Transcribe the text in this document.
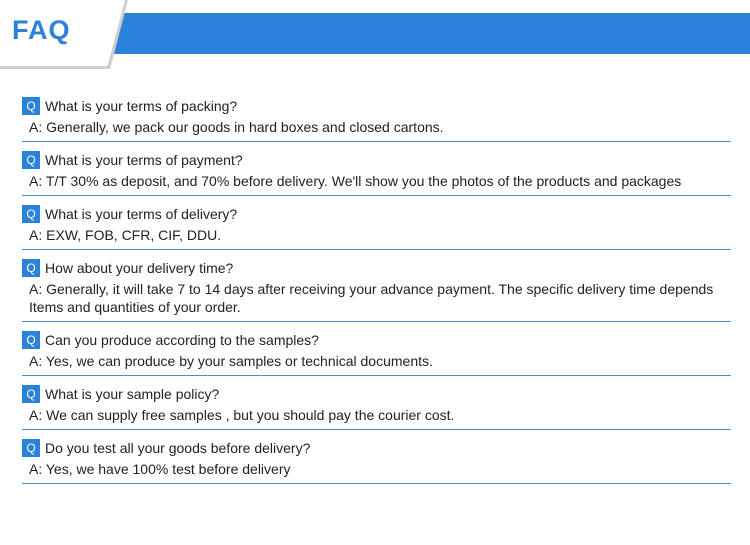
FAQ
Q What is your terms of packing?
A: Generally, we pack our goods in hard boxes and closed cartons.
Q What is your terms of payment?
A: T/T 30% as deposit, and 70% before delivery. We'll show you the photos of the products and packages
Q What is your terms of delivery?
A: EXW, FOB, CFR, CIF, DDU.
Q How about your delivery time?
A: Generally, it will take 7 to 14 days after receiving your advance payment. The specific delivery time depends Items and quantities of your order.
Q Can you produce according to the samples?
A: Yes, we can produce by your samples or technical documents.
Q What is your sample policy?
A: We can supply free samples , but you should pay the courier cost.
Q Do you test all your goods before delivery?
A: Yes, we have 100% test before delivery
